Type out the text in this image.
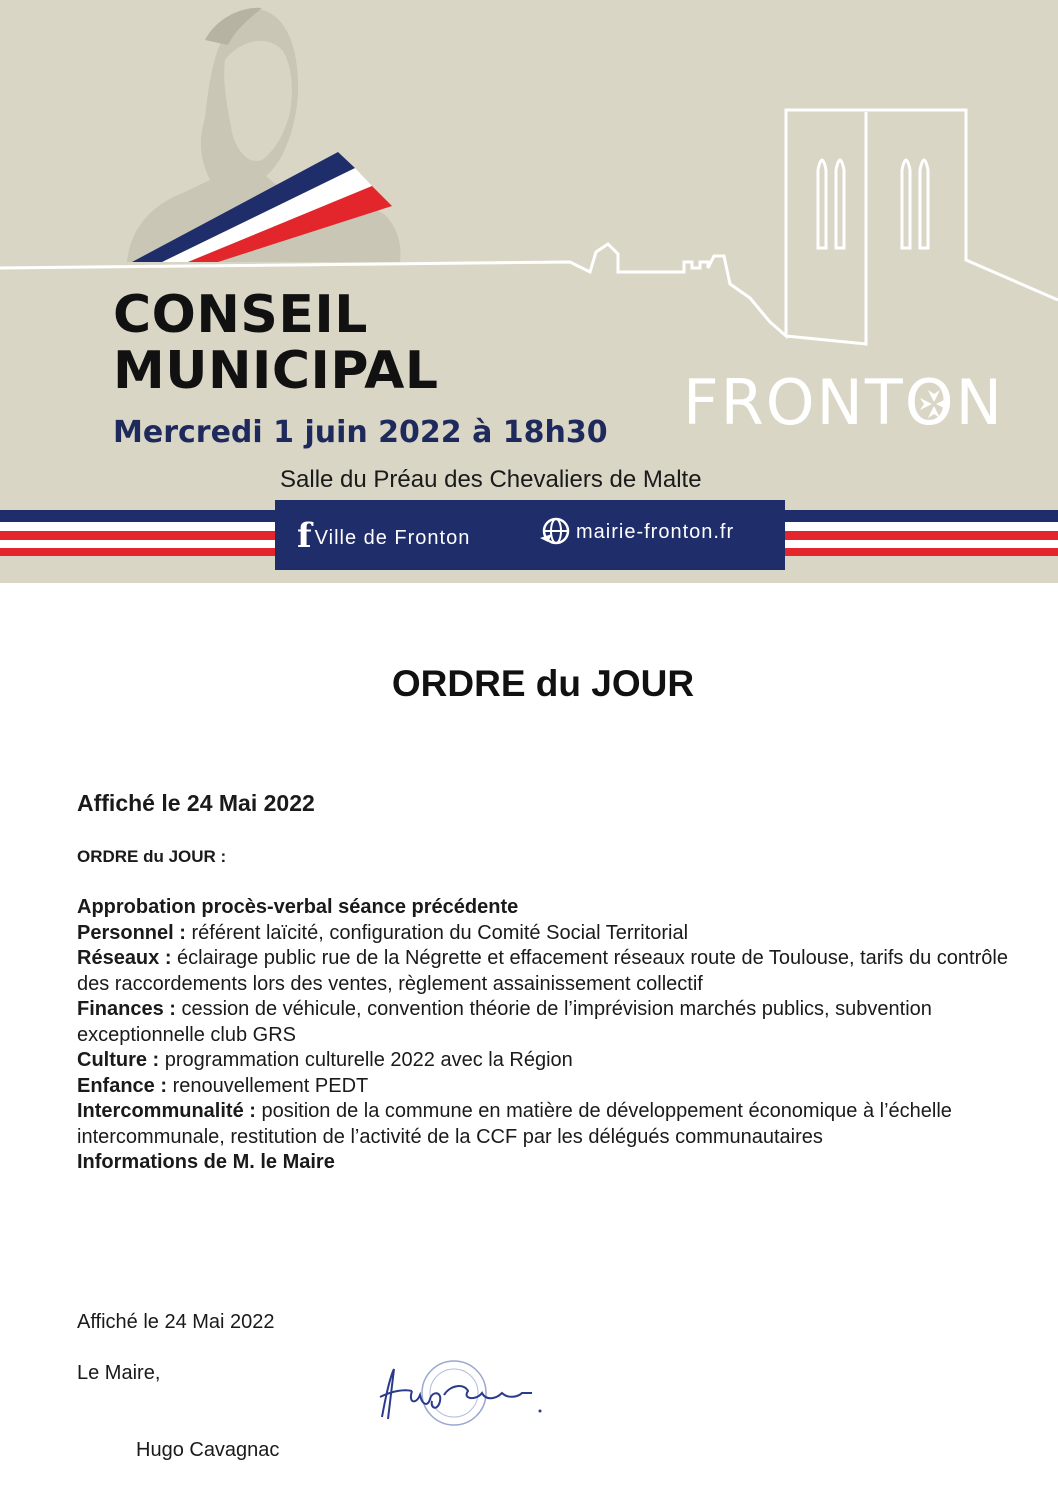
CONSEIL
MUNICIPAL
Mercredi 1 juin 2022 à 18h30 FRONTON
Salle du Préau des Chevaliers de Malte
f Ville de Fronton	mairie-fronton.fr
ORDRE du JOUR

Affiché le 24 Mai 2022

ORDRE du JOUR :

Approbation procès-verbal séance précédente

Personnel : référent laïcité, configuration du Comité Social Territorial

Réseaux : éclairage public rue de la Négrette et effacement réseaux route de Toulouse, tarifs du contrôle des raccordements lors des ventes, règlement assainissement collectif

Finances : cession de véhicule, convention théorie de l’imprévision marchés publics, subvention exceptionnelle club GRS

Culture : programmation culturelle 2022 avec la Région

Enfance : renouvellement PEDT

Intercommunalité : position de la commune en matière de développement économique à l’échelle intercommunale, restitution de l’activité de la CCF par les délégués communautaires

Informations de M. le Maire

Affiché le 24 Mai 2022
Le Maire,
Hugo Cavagnac
